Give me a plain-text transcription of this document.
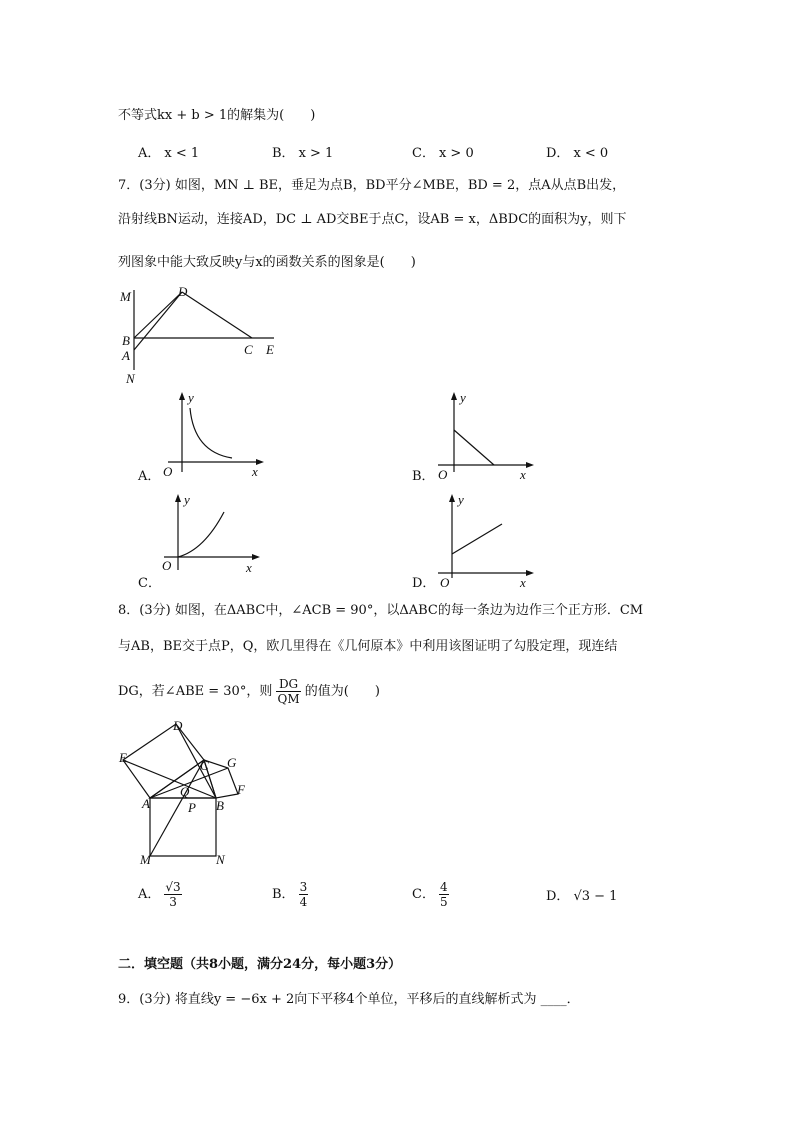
不等式kx + b > 1的解集为(　　)
A． x < 1	B． x > 1	C． x > 0	D． x < 0
7．(3分) 如图，MN ⊥ BE，垂足为点B，BD平分∠MBE，BD = 2，点A从点B出发，
沿射线BN运动，连接AD，DC ⊥ AD交BE于点C，设AB = x，ΔBDC的面积为y，则下
列图象中能大致反映y与x的函数关系的图象是(　　)
M	D
B
A	C E
N
A．
y
x
O	B．
y
x
O
C．
y
x
O
D．
y
x
O
8．(3分) 如图，在ΔABC中，∠ACB = 90°，以ΔABC的每一条边为边作三个正方形．CM
与AB，BE交于点P，Q，欧几里得在《几何原本》中利用该图证明了勾股定理，现连结
DG，若∠ABE = 30°，则 $\frac{DG}{QM}$ 的值为(　　)
D
E
C G
Q	F
A	P B
M	N
A． $\frac{√3}{3}$	B． $\frac{3}{4}$	C． $\frac{4}{5}$	D． √3 − 1
二．填空题（共8小题，满分24分，每小题3分）
9．(3分) 将直线y = −6x + 2向下平移4个单位，平移后的直线解析式为 ____．
